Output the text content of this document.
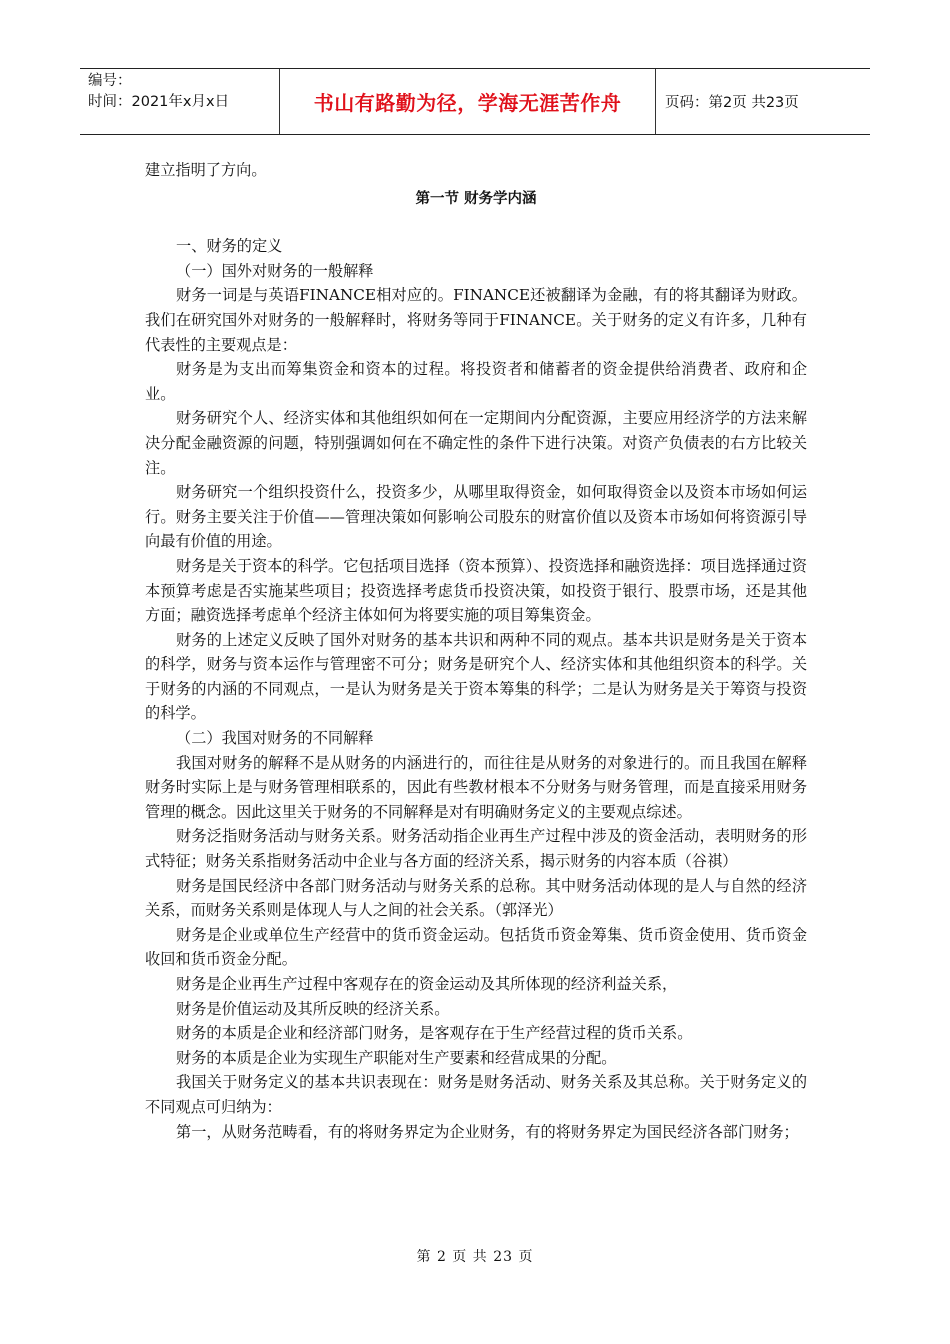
编号：
时间：2021年x月x日	书山有路勤为径，学海无涯苦作舟	页码：第2页 共23页

建立指明了方向。

第一节 财务学内涵

一、财务的定义

（一）国外对财务的一般解释

财务一词是与英语FINANCE相对应的。FINANCE还被翻译为金融，有的将其翻译为财政。我们在研究国外对财务的一般解释时，将财务等同于FINANCE。关于财务的定义有许多，几种有代表性的主要观点是：

财务是为支出而筹集资金和资本的过程。将投资者和储蓄者的资金提供给消费者、政府和企业。

财务研究个人、经济实体和其他组织如何在一定期间内分配资源，主要应用经济学的方法来解决分配金融资源的问题，特别强调如何在不确定性的条件下进行决策。对资产负债表的右方比较关注。

财务研究一个组织投资什么，投资多少，从哪里取得资金，如何取得资金以及资本市场如何运行。财务主要关注于价值——管理决策如何影响公司股东的财富价值以及资本市场如何将资源引导向最有价值的用途。

财务是关于资本的科学。它包括项目选择（资本预算）、投资选择和融资选择：项目选择通过资本预算考虑是否实施某些项目；投资选择考虑货币投资决策，如投资于银行、股票市场，还是其他方面；融资选择考虑单个经济主体如何为将要实施的项目筹集资金。

财务的上述定义反映了国外对财务的基本共识和两种不同的观点。基本共识是财务是关于资本的科学，财务与资本运作与管理密不可分；财务是研究个人、经济实体和其他组织资本的科学。关于财务的内涵的不同观点，一是认为财务是关于资本筹集的科学；二是认为财务是关于筹资与投资的科学。

（二）我国对财务的不同解释

我国对财务的解释不是从财务的内涵进行的，而往往是从财务的对象进行的。而且我国在解释财务时实际上是与财务管理相联系的，因此有些教材根本不分财务与财务管理，而是直接采用财务管理的概念。因此这里关于财务的不同解释是对有明确财务定义的主要观点综述。

财务泛指财务活动与财务关系。财务活动指企业再生产过程中涉及的资金活动，表明财务的形式特征；财务关系指财务活动中企业与各方面的经济关系，揭示财务的内容本质（谷祺）

财务是国民经济中各部门财务活动与财务关系的总称。其中财务活动体现的是人与自然的经济关系，而财务关系则是体现人与人之间的社会关系。（郭泽光）

财务是企业或单位生产经营中的货币资金运动。包括货币资金筹集、货币资金使用、货币资金收回和货币资金分配。

财务是企业再生产过程中客观存在的资金运动及其所体现的经济利益关系，

财务是价值运动及其所反映的经济关系。

财务的本质是企业和经济部门财务，是客观存在于生产经营过程的货币关系。

财务的本质是企业为实现生产职能对生产要素和经营成果的分配。

我国关于财务定义的基本共识表现在：财务是财务活动、财务关系及其总称。关于财务定义的不同观点可归纳为：

第一，从财务范畴看，有的将财务界定为企业财务，有的将财务界定为国民经济各部门财务；

第 2 页 共 23 页
